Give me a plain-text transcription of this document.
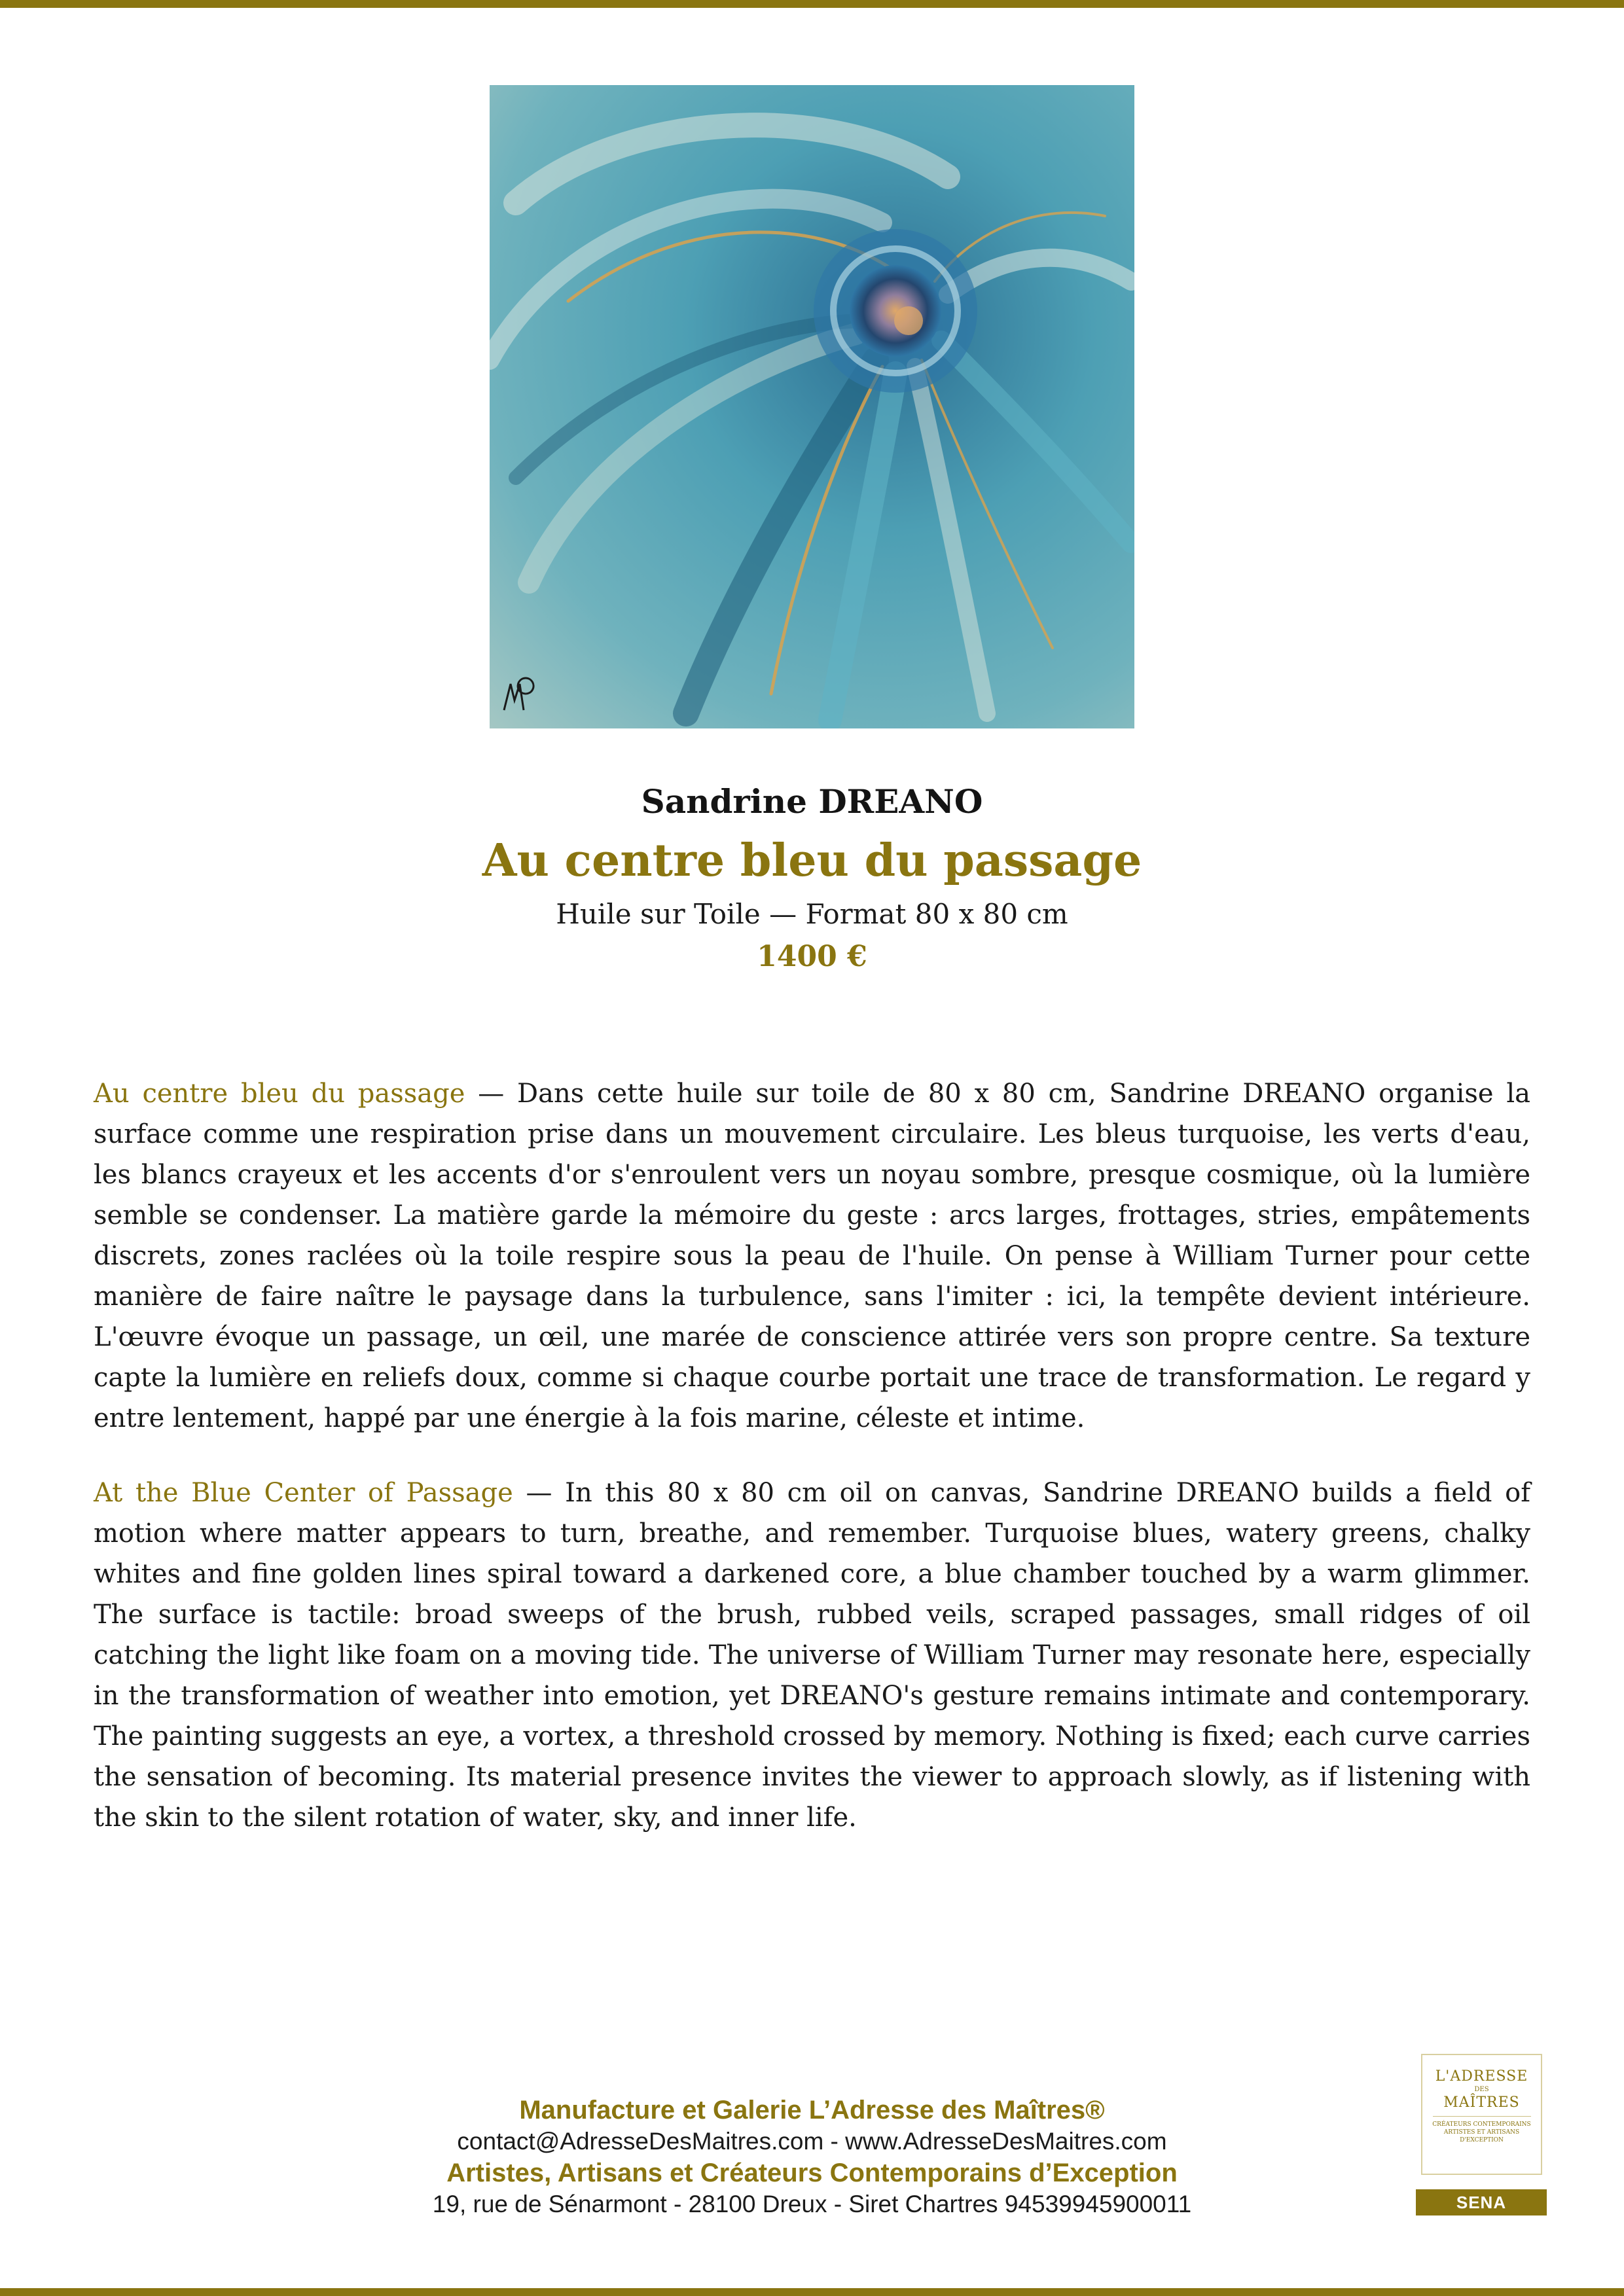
Sandrine DREANO
Au centre bleu du passage
Huile sur Toile — Format 80 x 80 cm
1400 €

Au centre bleu du passage — Dans cette huile sur toile de 80 x 80 cm, Sandrine DREANO organise la surface comme une respiration prise dans un mouvement circulaire. Les bleus turquoise, les verts d'eau, les blancs crayeux et les accents d'or s'enroulent vers un noyau sombre, presque cosmique, où la lumière semble se condenser. La matière garde la mémoire du geste : arcs larges, frottages, stries, empâtements discrets, zones raclées où la toile respire sous la peau de l'huile. On pense à William Turner pour cette manière de faire naître le paysage dans la turbulence, sans l'imiter : ici, la tempête devient intérieure. L'œuvre évoque un passage, un œil, une marée de conscience attirée vers son propre centre. Sa texture capte la lumière en reliefs doux, comme si chaque courbe portait une trace de transformation. Le regard y entre lentement, happé par une énergie à la fois marine, céleste et intime.

At the Blue Center of Passage — In this 80 x 80 cm oil on canvas, Sandrine DREANO builds a field of motion where matter appears to turn, breathe, and remember. Turquoise blues, watery greens, chalky whites and fine golden lines spiral toward a darkened core, a blue chamber touched by a warm glimmer. The surface is tactile: broad sweeps of the brush, rubbed veils, scraped passages, small ridges of oil catching the light like foam on a moving tide. The universe of William Turner may resonate here, especially in the transformation of weather into emotion, yet DREANO's gesture remains intimate and contemporary. The painting suggests an eye, a vortex, a threshold crossed by memory. Nothing is fixed; each curve carries the sensation of becoming. Its material presence invites the viewer to approach slowly, as if listening with the skin to the silent rotation of water, sky, and inner life.

Manufacture et Galerie L’Adresse des Maîtres®
contact@AdresseDesMaitres.com - www.AdresseDesMaitres.com
Artistes, Artisans et Créateurs Contemporains d’Exception
19, rue de Sénarmont - 28100 Dreux - Siret Chartres 94539945900011
L'ADRESSE
DES
MAÎTRES
CRÉATEURS CONTEMPORAINS ARTISTES ET ARTISANS D'EXCEPTION
SENA
